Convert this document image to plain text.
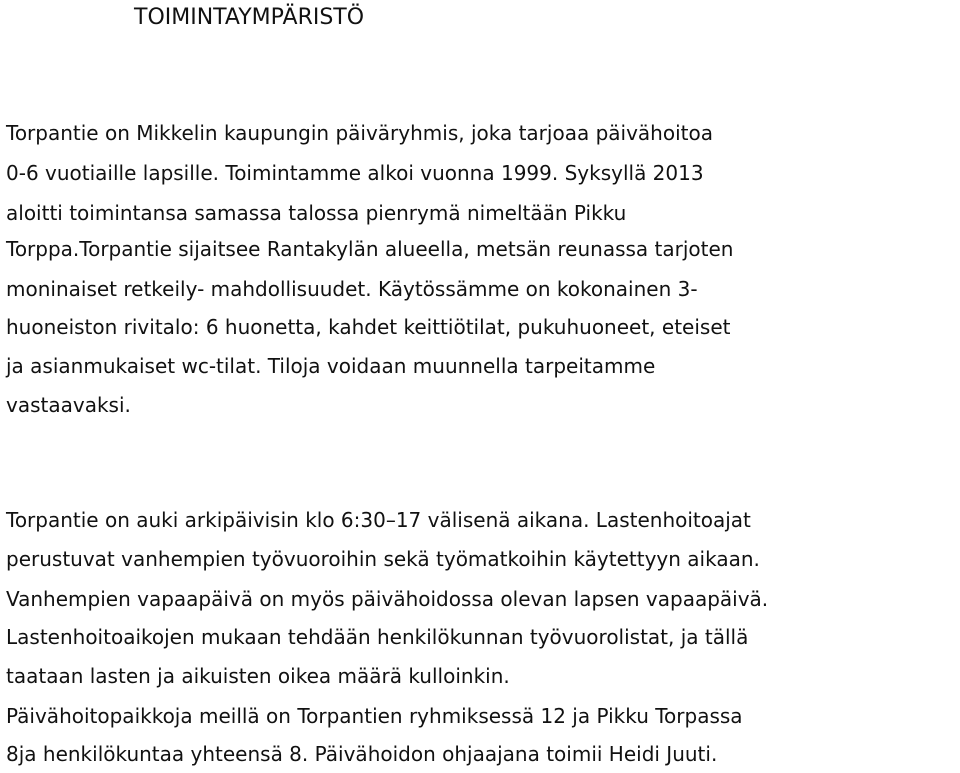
TOIMINTAYMPÄRISTÖ
Torpantie on Mikkelin kaupungin päiväryhmis, joka tarjoaa päivähoitoa
0-6 vuotiaille lapsille. Toimintamme alkoi vuonna 1999. Syksyllä 2013
aloitti toimintansa samassa talossa pienrymä nimeltään Pikku
Torppa.Torpantie sijaitsee Rantakylän alueella, metsän reunassa tarjoten
moninaiset retkeily- mahdollisuudet. Käytössämme on kokonainen 3-
huoneiston rivitalo: 6 huonetta, kahdet keittiötilat, pukuhuoneet, eteiset
ja asianmukaiset wc-tilat. Tiloja voidaan muunnella tarpeitamme
vastaavaksi.
Torpantie on auki arkipäivisin klo 6:30–17 välisenä aikana. Lastenhoitoajat
perustuvat vanhempien työvuoroihin sekä työmatkoihin käytettyyn aikaan.
Vanhempien vapaapäivä on myös päivähoidossa olevan lapsen vapaapäivä.
Lastenhoitoaikojen mukaan tehdään henkilökunnan työvuorolistat, ja tällä
taataan lasten ja aikuisten oikea määrä kulloinkin.
Päivähoitopaikkoja meillä on Torpantien ryhmiksessä 12 ja Pikku Torpassa
8ja henkilökuntaa yhteensä 8. Päivähoidon ohjaajana toimii Heidi Juuti.
